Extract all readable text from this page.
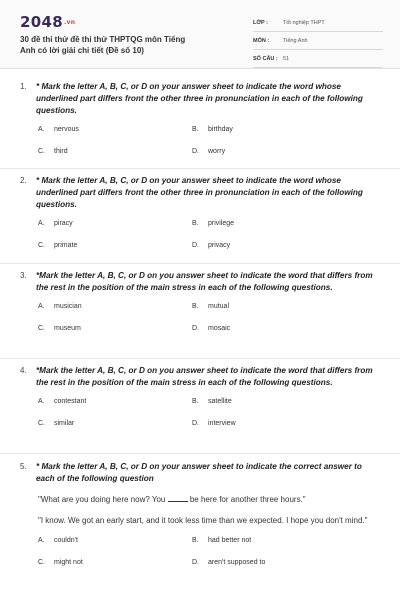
2048.vn
30 đề thi thử đề thi thử THPTQG môn Tiếng Anh có lời giải chi tiết (Đề số 10)
LỚP :	Tốt nghiệp THPT
MÔN :	Tiếng Anh
SỐ CÂU : 51
1.	* Mark the letter A, B, C, or D on your answer sheet to indicate the word whose underlined part differs front the other three in pronunciation in each of the following questions.
A.	nervous	B.	birthday
C.	third	D.	worry
2.	* Mark the letter A, B, C, or D on your answer sheet to indicate the word whose underlined part differs front the other three in pronunciation in each of the following questions.
A.	piracy	B.	privilege
C.	primate	D.	privacy
3.	*Mark the letter A, B, C, or D on you answer sheet to indicate the word that differs from the rest in the position of the main stress in each of the following questions.
A.	musician	B.	mutual
C.	museum	D.	mosaic
4.	*Mark the letter A, B, C, or D on you answer sheet to indicate the word that differs from the rest in the position of the main stress in each of the following questions.
A.	contestant	B.	satellite
C.	similar	D.	interview
5.	* Mark the letter A, B, C, or D on your answer sheet to indicate the correct answer to each of the following question
"What are you doing here now? You	be here for another three hours."
"I know. We got an early start, and it took less time than we expected. I hope you don't mind."
A.	couldn't	B.	had better not
C.	might not	D.	aren't supposed to
